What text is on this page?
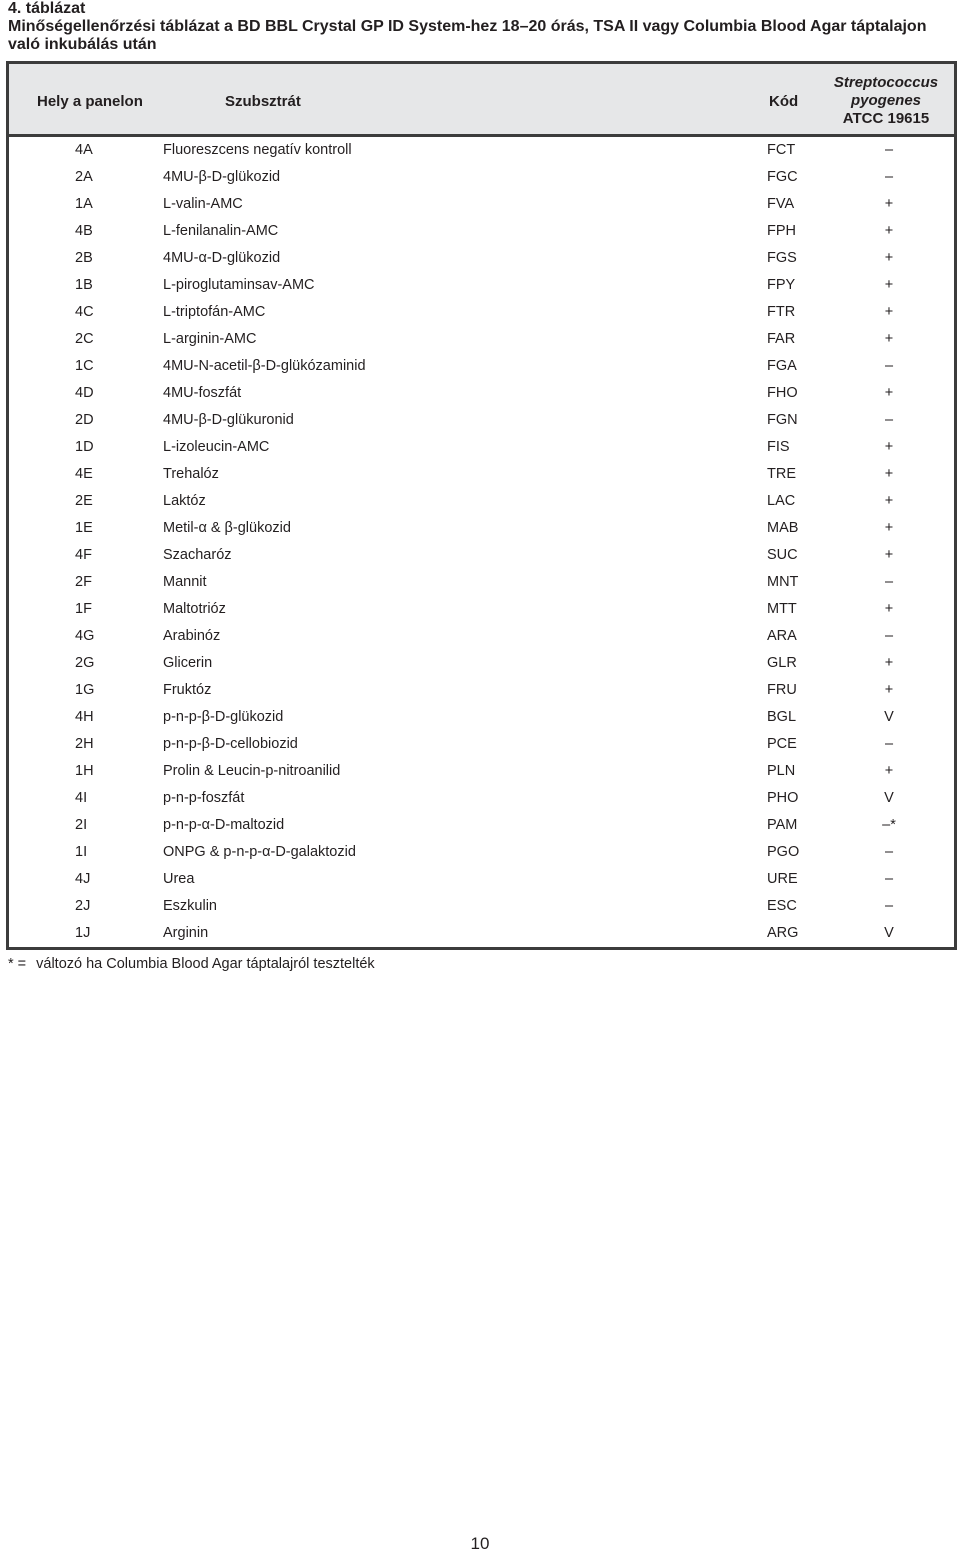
4. táblázat

Minőségellenőrzési táblázat a BD BBL Crystal GP ID System-hez 18–20 órás, TSA II vagy Columbia Blood Agar táptalajon való inkubálás után

Hely a panelon	Szubsztrát	Kód
Streptococcus
pyogenes
ATCC 19615
4A	Fluoreszcens negatív kontroll	FCT	–
2A	4MU-β-D-glükozid	FGC	–
1A	L-valin-AMC	FVA	+
4B	L-fenilanalin-AMC	FPH	+
2B	4MU-α-D-glükozid	FGS	+
1B	L-piroglutaminsav-AMC	FPY	+
4C	L-triptofán-AMC	FTR	+
2C	L-arginin-AMC	FAR	+
1C	4MU-N-acetil-β-D-glükózaminid	FGA	–
4D	4MU-foszfát	FHO	+
2D	4MU-β-D-glükuronid	FGN	–
1D	L-izoleucin-AMC	FIS	+
4E	Trehalóz	TRE	+
2E	Laktóz	LAC	+
1E	Metil-α & β-glükozid	MAB	+
4F	Szacharóz	SUC	+
2F	Mannit	MNT	–
1F	Maltotrióz	MTT	+
4G	Arabinóz	ARA	–
2G	Glicerin	GLR	+
1G	Fruktóz	FRU	+
4H	p-n-p-β-D-glükozid	BGL	V
2H	p-n-p-β-D-cellobiozid	PCE	–
1H	Prolin & Leucin-p-nitroanilid	PLN	+
4I	p-n-p-foszfát	PHO	V
2I	p-n-p-α-D-maltozid	PAM	–*
1I	ONPG & p-n-p-α-D-galaktozid	PGO	–
4J	Urea	URE	–
2J	Eszkulin	ESC	–
1J	Arginin	ARG	V
* = változó ha Columbia Blood Agar táptalajról tesztelték
10
